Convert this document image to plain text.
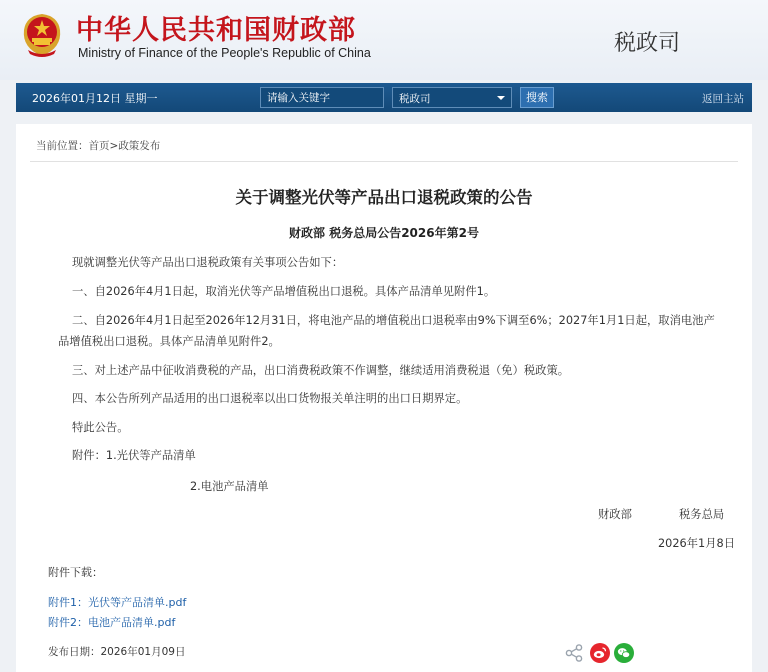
中华人民共和国财政部
Ministry of Finance of the People's Republic of China	税政司
2026年01月12日 星期一
请输入关键字	税政司	搜索	返回主站
当前位置：首页>政策发布
关于调整光伏等产品出口退税政策的公告
财政部 税务总局公告2026年第2号
现就调整光伏等产品出口退税政策有关事项公告如下：
一、自2026年4月1日起，取消光伏等产品增值税出口退税。具体产品清单见附件1。
二、自2026年4月1日起至2026年12月31日，将电池产品的增值税出口退税率由9%下调至6%；2027年1月1日起，取消电池产品增值税出口退税。具体产品清单见附件2。
三、对上述产品中征收消费税的产品，出口消费税政策不作调整，继续适用消费税退（免）税政策。
四、本公告所列产品适用的出口退税率以出口货物报关单注明的出口日期界定。
特此公告。
附件：1.光伏等产品清单
2.电池产品清单
财政部	税务总局
2026年1月8日
附件下载：
附件1：光伏等产品清单.pdf
附件2：电池产品清单.pdf
发布日期：2026年01月09日
